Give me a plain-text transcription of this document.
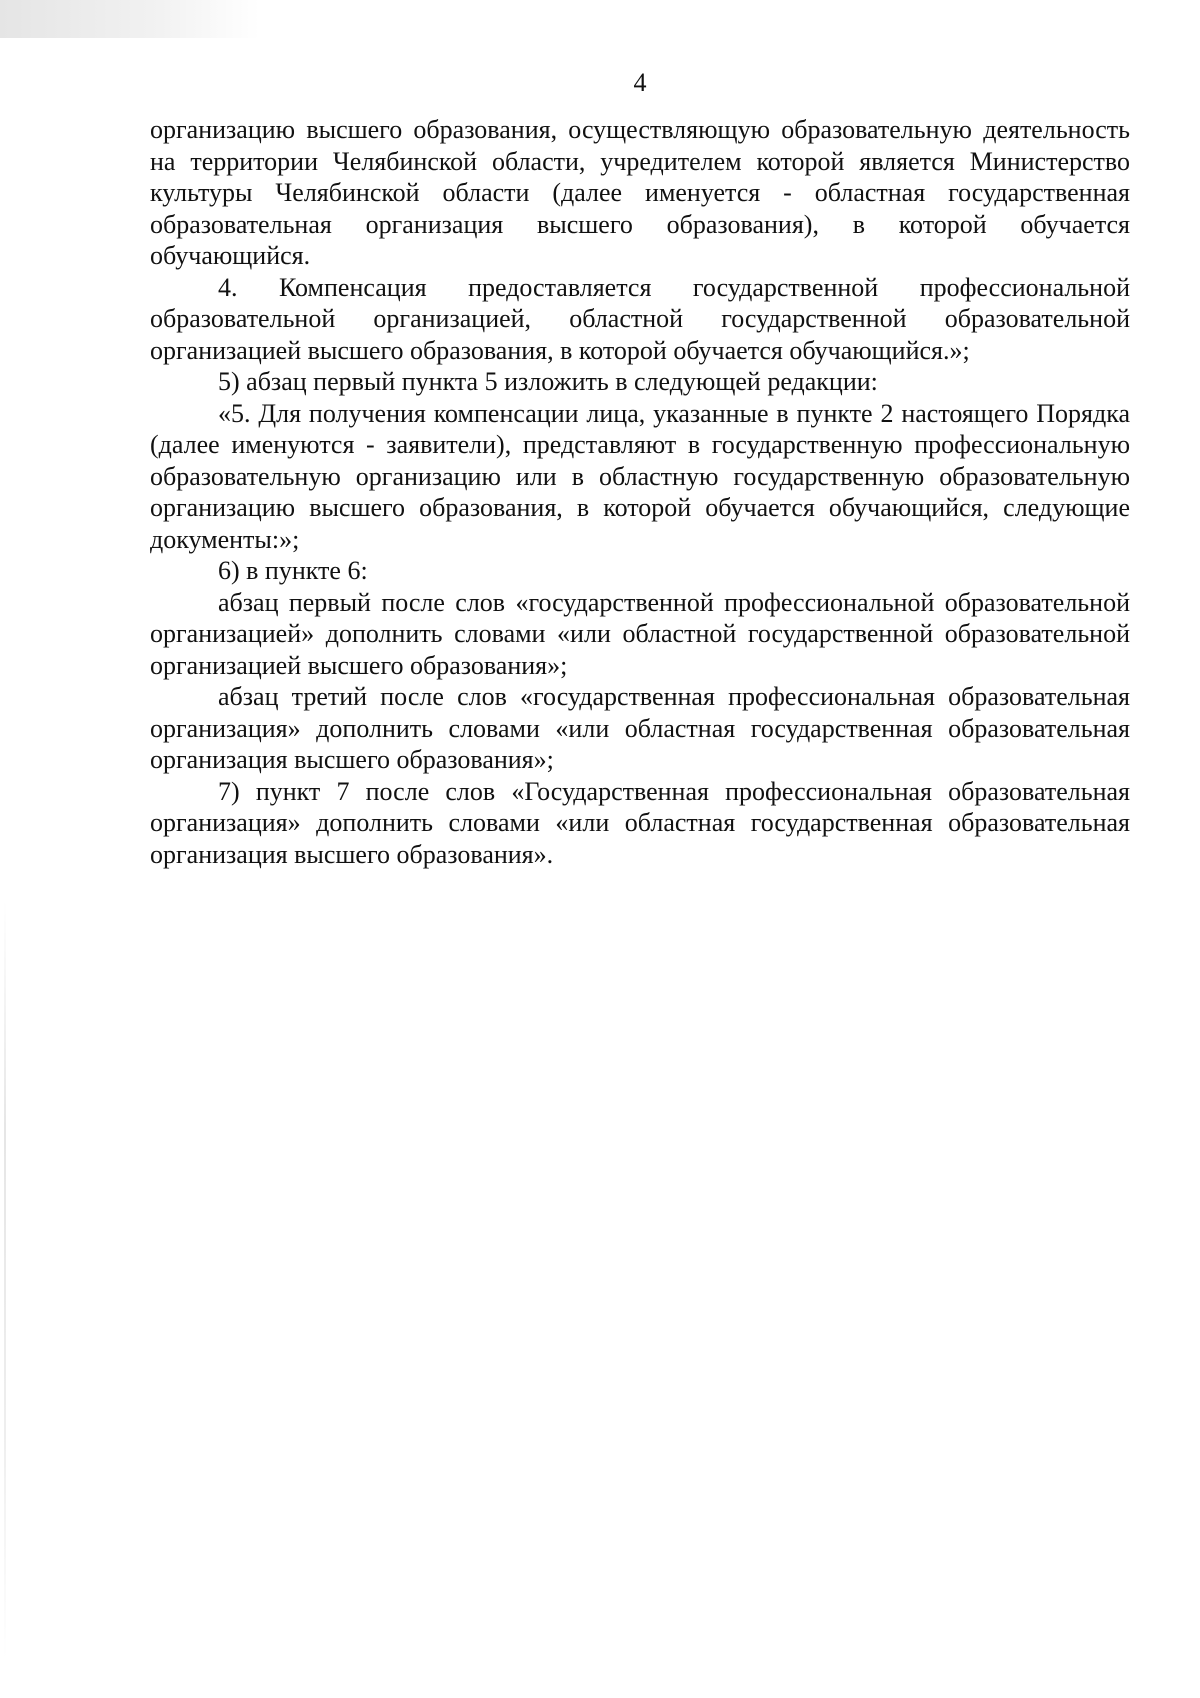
4

организацию высшего образования, осуществляющую образовательную деятельность на территории Челябинской области, учредителем которой является Министерство культуры Челябинской области (далее именуется - областная государственная образовательная организация высшего образования), в которой обучается обучающийся.

4. Компенсация предоставляется государственной профессиональной образовательной организацией, областной государственной образовательной организацией высшего образования, в которой обучается обучающийся.»;

5) абзац первый пункта 5 изложить в следующей редакции:

«5. Для получения компенсации лица, указанные в пункте 2 настоящего Порядка (далее именуются - заявители), представляют в государственную профессиональную образовательную организацию или в областную государственную образовательную организацию высшего образования, в которой обучается обучающийся, следующие документы:»;

6) в пункте 6:

абзац первый после слов «государственной профессиональной образовательной организацией» дополнить словами «или областной государственной образовательной организацией высшего образования»;

абзац третий после слов «государственная профессиональная образовательная организация» дополнить словами «или областная государственная образовательная организация высшего образования»;

7) пункт 7 после слов «Государственная профессиональная образовательная организация» дополнить словами «или областная государственная образовательная организация высшего образования».
